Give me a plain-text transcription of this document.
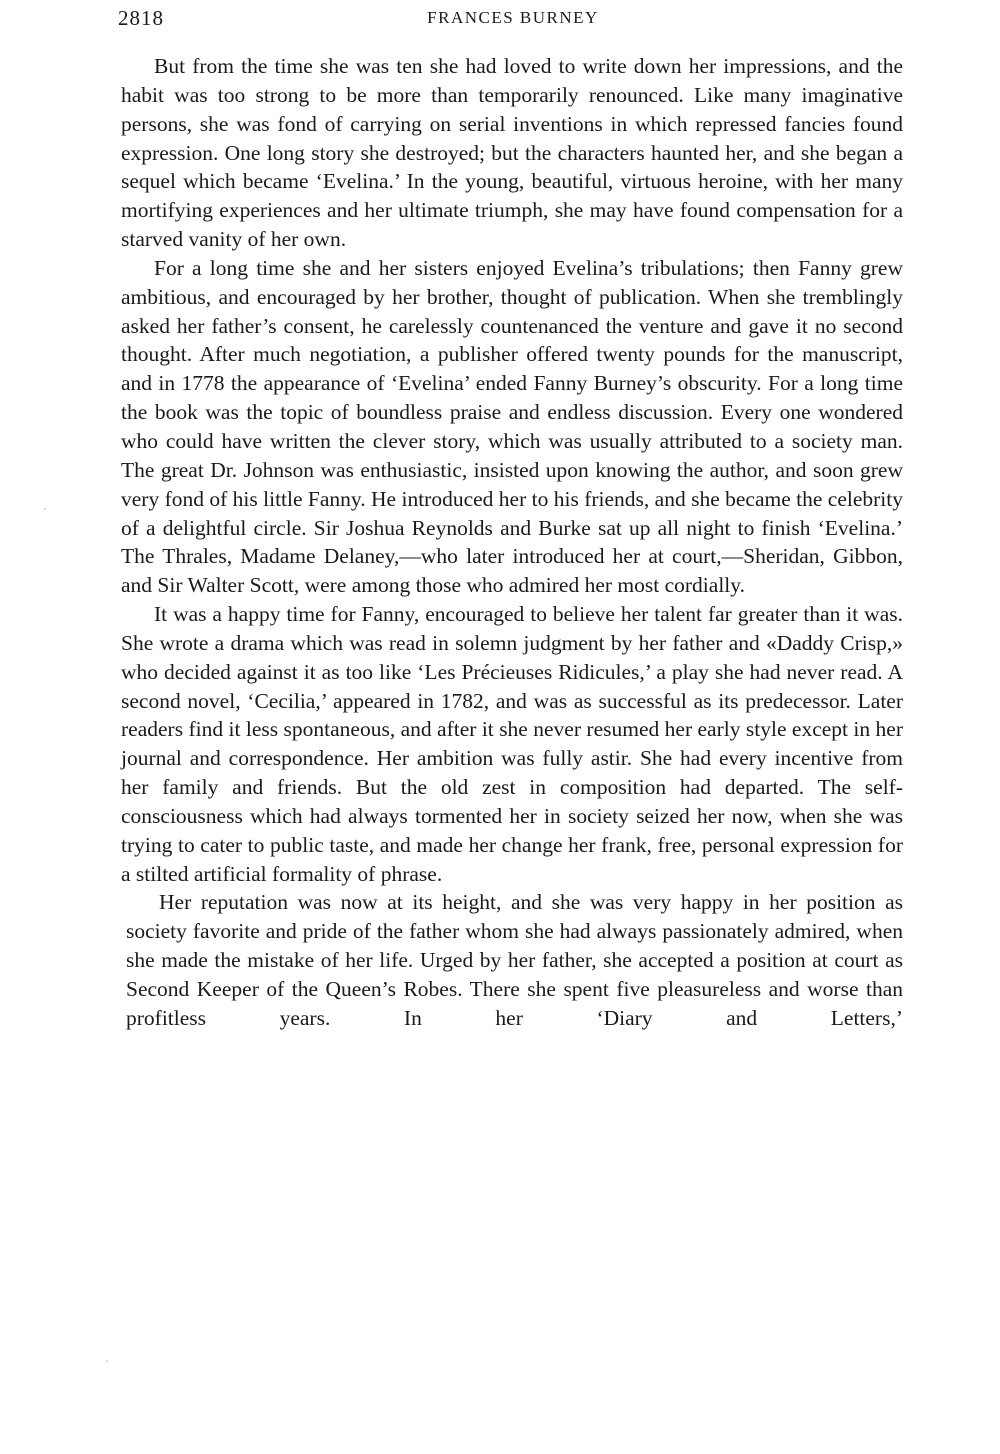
2818	FRANCES BURNEY

But from the time she was ten she had loved to write down her impressions, and the habit was too strong to be more than temporarily renounced. Like many imaginative persons, she was fond of carrying on serial inventions in which repressed fancies found expression. One long story she destroyed; but the characters haunted her, and she began a sequel which became ‘Evelina.’ In the young, beautiful, virtuous heroine, with her many mortifying experiences and her ultimate triumph, she may have found compensation for a starved vanity of her own.

For a long time she and her sisters enjoyed Evelina’s tribulations; then Fanny grew ambitious, and encouraged by her brother, thought of publication. When she tremblingly asked her father’s consent, he carelessly countenanced the venture and gave it no second thought. After much negotiation, a publisher offered twenty pounds for the manuscript, and in 1778 the appearance of ‘Evelina’ ended Fanny Burney’s obscurity. For a long time the book was the topic of boundless praise and endless discussion. Every one wondered who could have written the clever story, which was usually attributed to a society man. The great Dr. Johnson was enthusiastic, insisted upon knowing the author, and soon grew very fond of his little Fanny. He introduced her to his friends, and she became the celebrity of a delightful circle. Sir Joshua Reynolds and Burke sat up all night to finish ‘Evelina.’ The Thrales, Madame Delaney,—who later introduced her at court,—Sheridan, Gibbon, and Sir Walter Scott, were among those who admired her most cordially.

It was a happy time for Fanny, encouraged to believe her talent far greater than it was. She wrote a drama which was read in solemn judgment by her father and «Daddy Crisp,» who decided against it as too like ‘Les Précieuses Ridicules,’ a play she had never read. A second novel, ‘Cecilia,’ appeared in 1782, and was as successful as its predecessor. Later readers find it less spontaneous, and after it she never resumed her early style except in her journal and correspondence. Her ambition was fully astir. She had every incentive from her family and friends. But the old zest in composition had departed. The self-consciousness which had always tormented her in society seized her now, when she was trying to cater to public taste, and made her change her frank, free, personal expression for a stilted artificial formality of phrase.

Her reputation was now at its height, and she was very happy in her position as society favorite and pride of the father whom she had always passionately admired, when she made the mistake of her life. Urged by her father, she accepted a position at court as Second Keeper of the Queen’s Robes. There she spent five pleasureless and worse than profitless years. In her ‘Diary and Letters,’
